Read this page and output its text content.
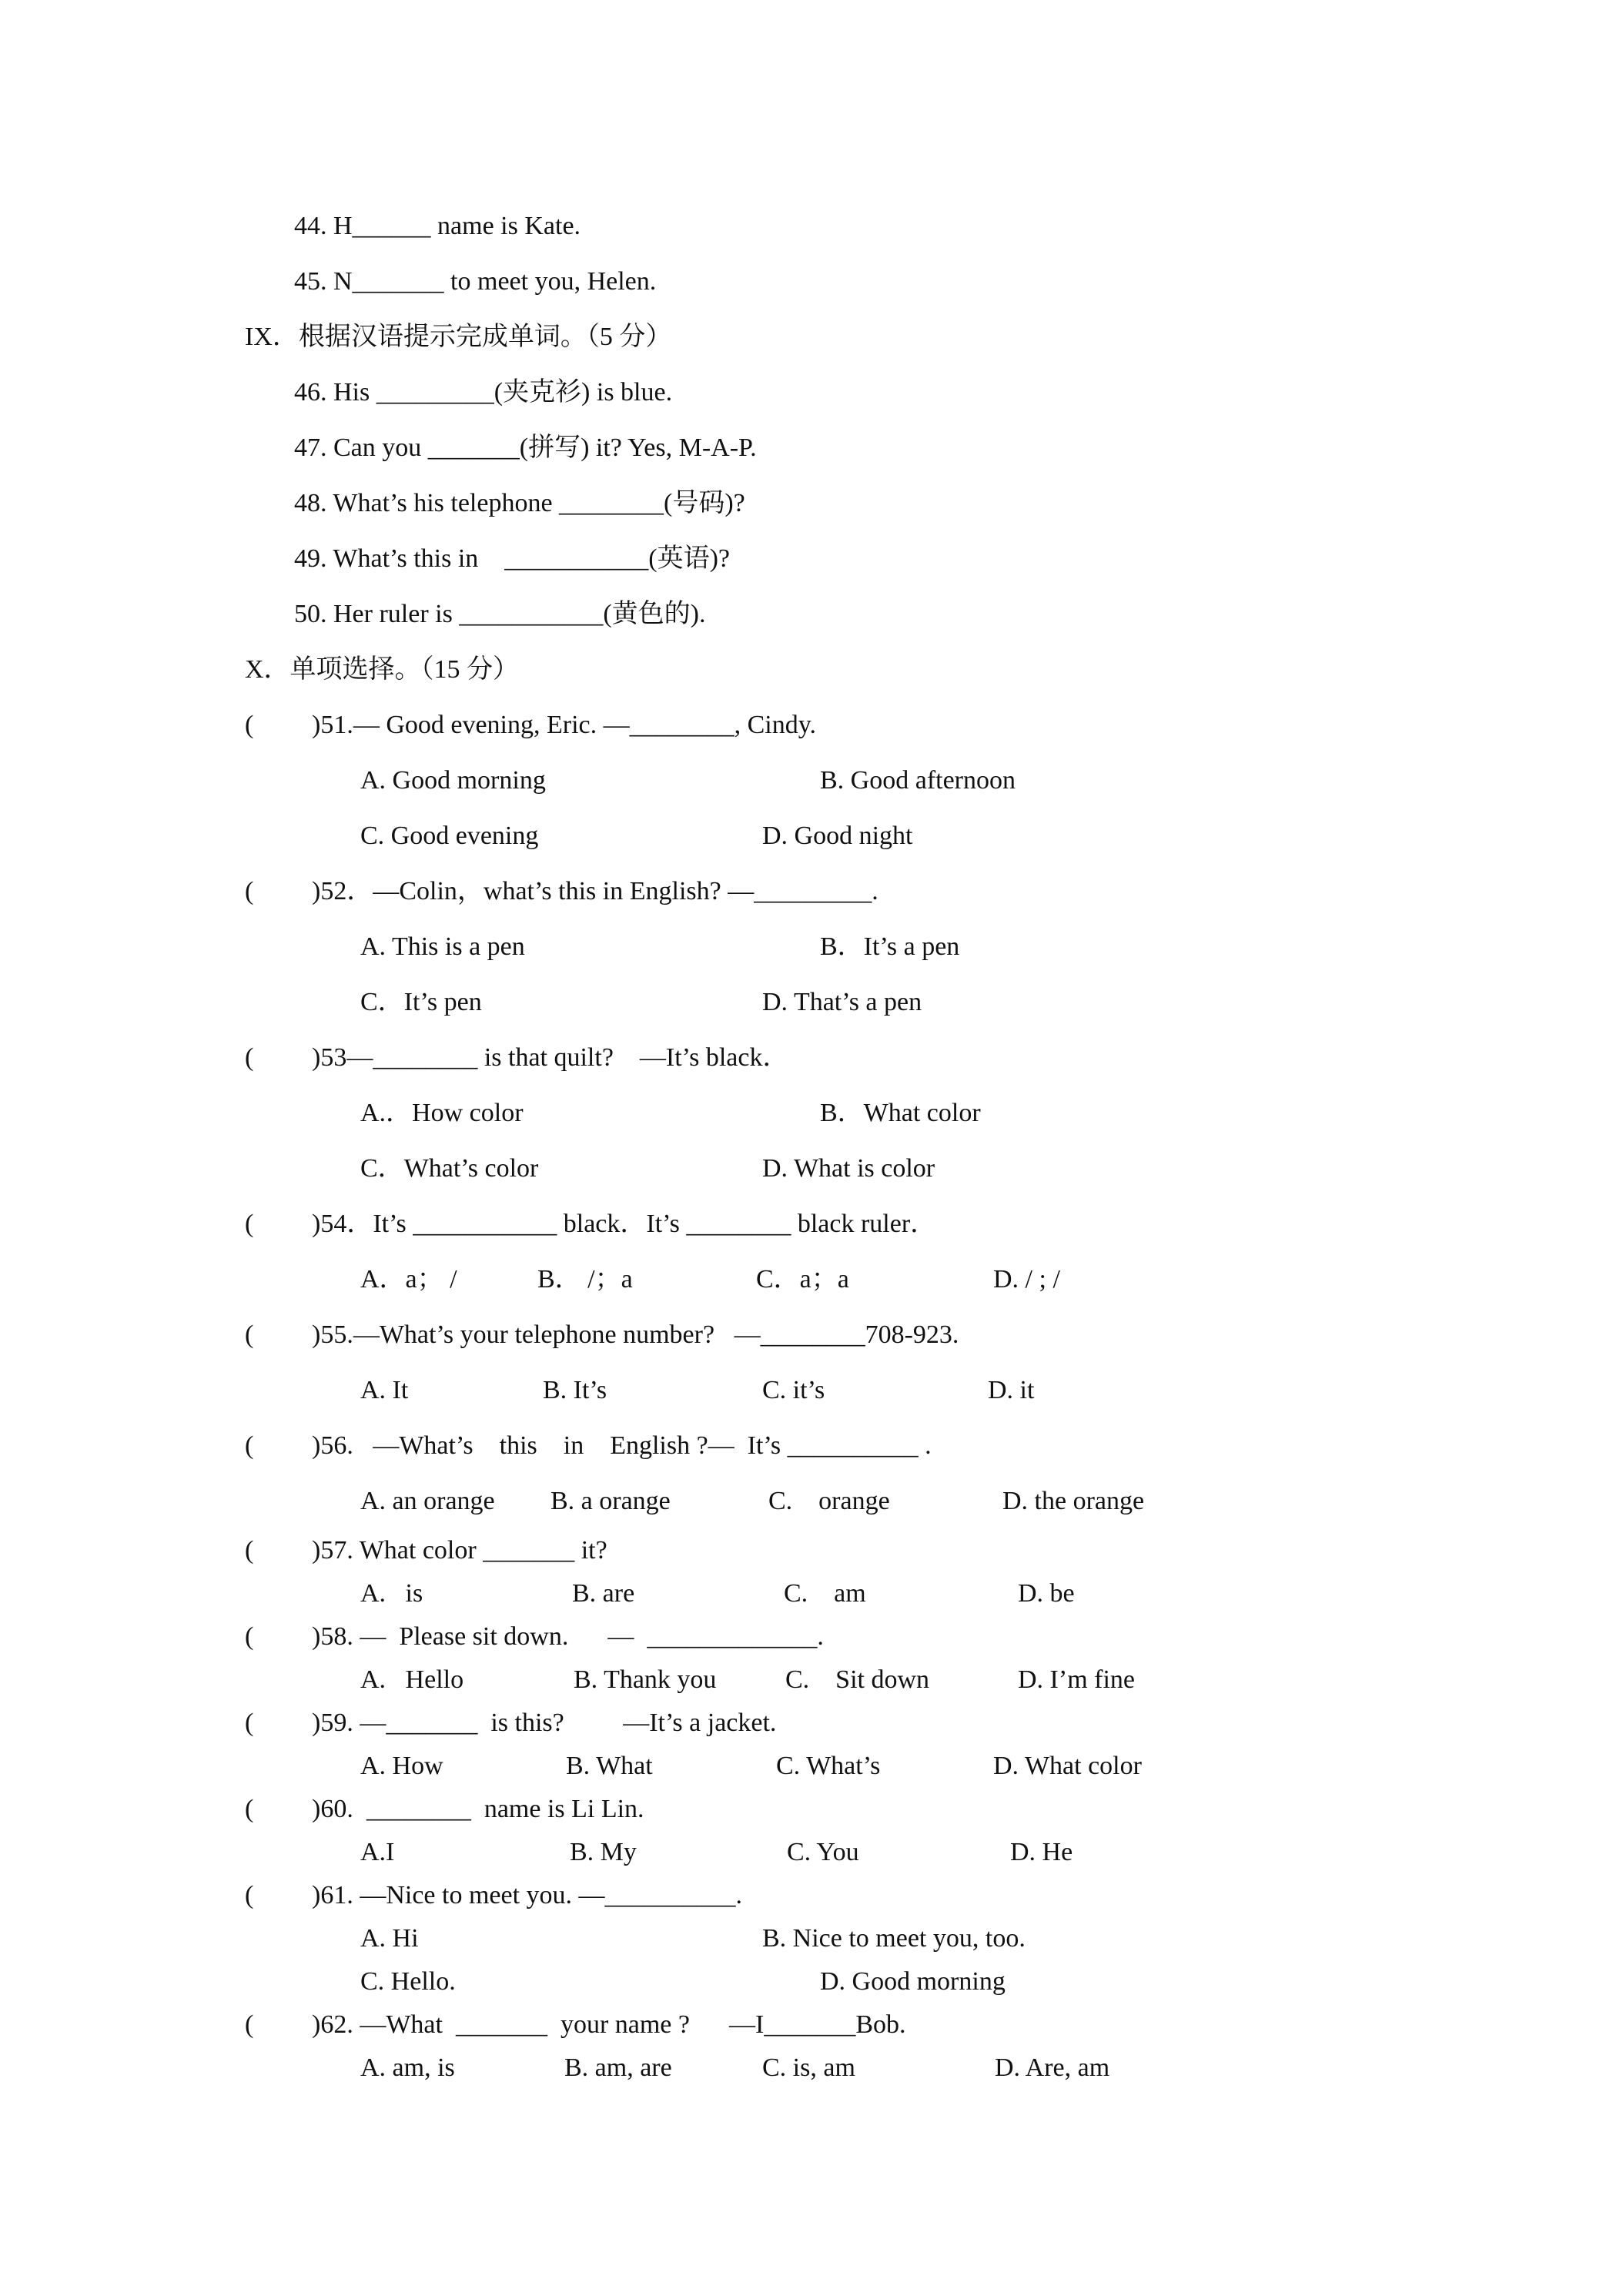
44. H______ name is Kate.
45. N_______ to meet you, Helen.
IX．根据汉语提示完成单词。（5 分）
46. His _________(夹克衫) is blue.
47. Can you _______(拼写) it? Yes, M-A-P.
48. What’s his telephone ________(号码)?
49. What’s this in    ___________(英语)?
50. Her ruler is ___________(黄色的).
X．单项选择。（15 分）
( )51.— Good evening, Eric. —________, Cindy.
A. Good morning	B. Good afternoon
C. Good evening	D. Good night
( )52．—Colin，what’s this in English? —_________.
A. This is a pen	B．It’s a pen
C．It’s pen	D. That’s a pen
( )53—________ is that quilt?    —It’s black．
A.．How color	B．What color
C．What’s color	D. What is color
( )54．It’s ___________ black．It’s ________ black ruler．
A．a； /	B． /；a	C．a；a	D. / ; /
( )55.—What’s your telephone number?   —________708-923.
A. It	B. It’s	C. it’s	D. it
( )56.   —What’s    this    in    English ?—  It’s __________ .
A. an orange B. a orange	C.    orange	D. the orange
( )57. What color _______ it?
A.   is	B. are	C.    am	D. be
( )58. —  Please sit down.      —  _____________.
A.   Hello	B. Thank you	C.    Sit down	D. I’m fine
( )59. —_______  is this?         —It’s a jacket.
A. How	B. What	C. What’s	D. What color
( )60.  ________  name is Li Lin.
A.I	B. My	C. You	D. He
( )61. —Nice to meet you. —__________.
A. Hi	B. Nice to meet you, too.
C. Hello.	D. Good morning
( )62. —What  _______  your name ?      —I_______Bob.
A. am, is	B. am, are	C. is, am	D. Are, am
